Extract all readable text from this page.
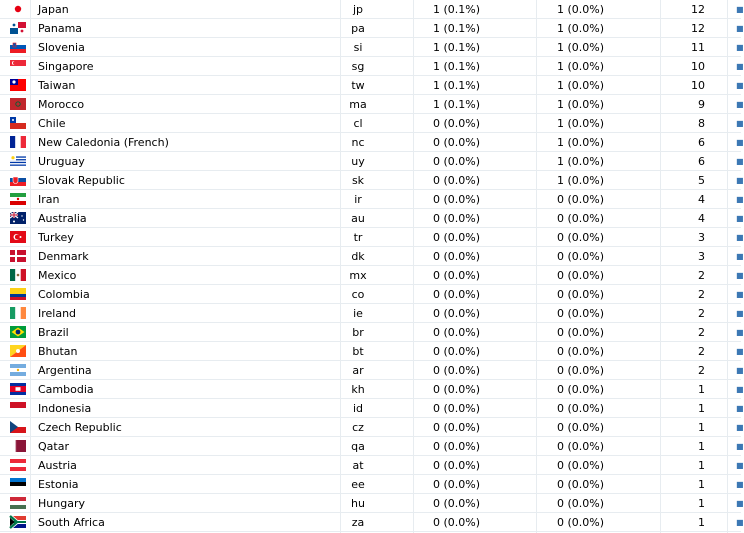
Japan	jp	1 (0.1%)	1 (0.0%)	12	■
Panama	pa	1 (0.1%)	1 (0.0%)	12	■
Slovenia	si	1 (0.1%)	1 (0.0%)	11	■
Singapore	sg	1 (0.1%)	1 (0.0%)	10	■
Taiwan	tw	1 (0.1%)	1 (0.0%)	10	■
Morocco	ma	1 (0.1%)	1 (0.0%)	9	■
Chile	cl	0 (0.0%)	1 (0.0%)	8	■
New Caledonia (French)	nc	0 (0.0%)	1 (0.0%)	6	■
Uruguay	uy	0 (0.0%)	1 (0.0%)	6	■
Slovak Republic	sk	0 (0.0%)	1 (0.0%)	5	■
Iran	ir	0 (0.0%)	0 (0.0%)	4	■
Australia	au	0 (0.0%)	0 (0.0%)	4	■
Turkey	tr	0 (0.0%)	0 (0.0%)	3	■
Denmark	dk	0 (0.0%)	0 (0.0%)	3	■
Mexico	mx	0 (0.0%)	0 (0.0%)	2	■
Colombia	co	0 (0.0%)	0 (0.0%)	2	■
Ireland	ie	0 (0.0%)	0 (0.0%)	2	■
Brazil	br	0 (0.0%)	0 (0.0%)	2	■
Bhutan	bt	0 (0.0%)	0 (0.0%)	2	■
Argentina	ar	0 (0.0%)	0 (0.0%)	2	■
Cambodia	kh	0 (0.0%)	0 (0.0%)	1	■
Indonesia	id	0 (0.0%)	0 (0.0%)	1	■
Czech Republic	cz	0 (0.0%)	0 (0.0%)	1	■
Qatar	qa	0 (0.0%)	0 (0.0%)	1	■
Austria	at	0 (0.0%)	0 (0.0%)	1	■
Estonia	ee	0 (0.0%)	0 (0.0%)	1	■
Hungary	hu	0 (0.0%)	0 (0.0%)	1	■
South Africa	za	0 (0.0%)	0 (0.0%)	1	■
